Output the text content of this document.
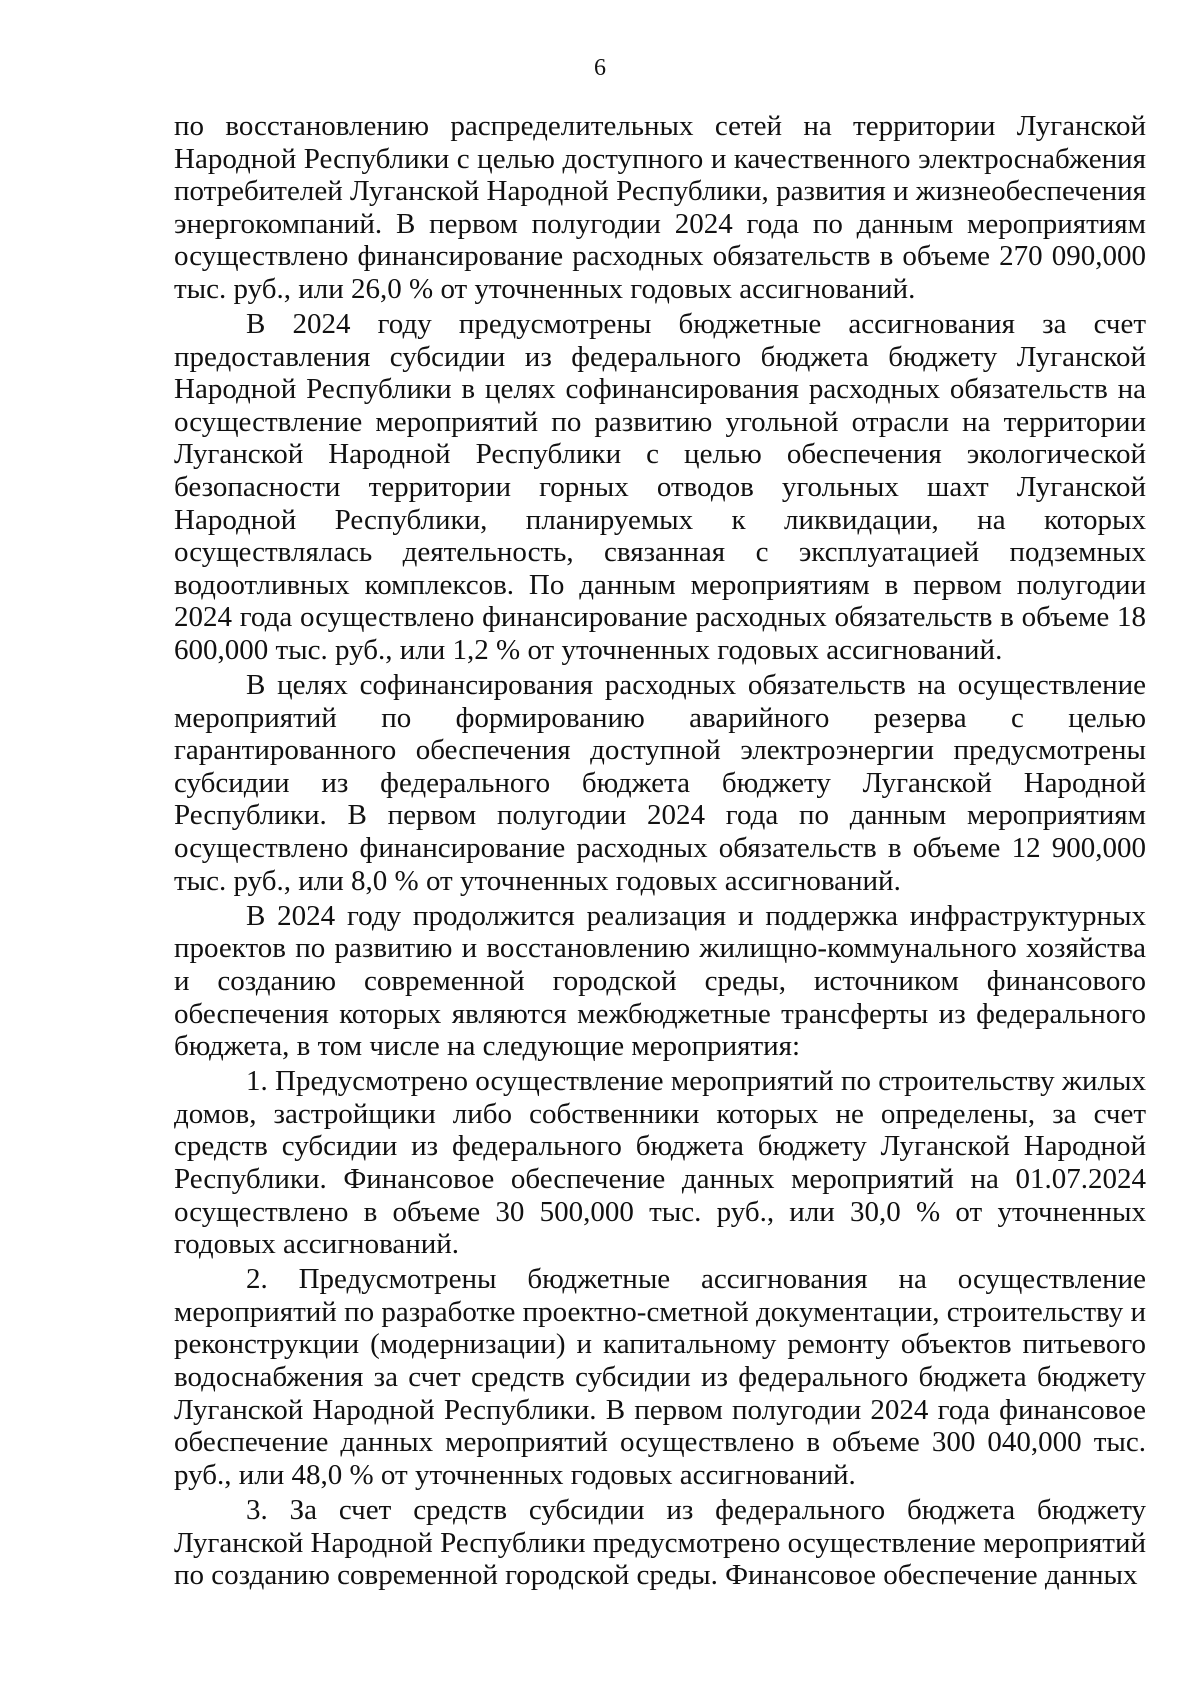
6

по восстановлению распределительных сетей на территории Луганской Народной Республики с целью доступного и качественного электроснабжения потребителей Луганской Народной Республики, развития и жизнеобеспечения энергокомпаний. В первом полугодии 2024 года по данным мероприятиям осуществлено финансирование расходных обязательств в объеме 270 090,000 тыс. руб., или 26,0 % от уточненных годовых ассигнований.

В 2024 году предусмотрены бюджетные ассигнования за счет предоставления субсидии из федерального бюджета бюджету Луганской Народной Республики в целях софинансирования расходных обязательств на осуществление мероприятий по развитию угольной отрасли на территории Луганской Народной Республики с целью обеспечения экологической безопасности территории горных отводов угольных шахт Луганской Народной Республики, планируемых к ликвидации, на которых осуществлялась деятельность, связанная с эксплуатацией подземных водоотливных комплексов. По данным мероприятиям в первом полугодии 2024 года осуществлено финансирование расходных обязательств в объеме 18 600,000 тыс. руб., или 1,2 % от уточненных годовых ассигнований.

В целях софинансирования расходных обязательств на осуществление мероприятий по формированию аварийного резерва с целью гарантированного обеспечения доступной электроэнергии предусмотрены субсидии из федерального бюджета бюджету Луганской Народной Республики. В первом полугодии 2024 года по данным мероприятиям осуществлено финансирование расходных обязательств в объеме 12 900,000 тыс. руб., или 8,0 % от уточненных годовых ассигнований.

В 2024 году продолжится реализация и поддержка инфраструктурных проектов по развитию и восстановлению жилищно-коммунального хозяйства и созданию современной городской среды, источником финансового обеспечения которых являются межбюджетные трансферты из федерального бюджета, в том числе на следующие мероприятия:

1. Предусмотрено осуществление мероприятий по строительству жилых домов, застройщики либо собственники которых не определены, за счет средств субсидии из федерального бюджета бюджету Луганской Народной Республики. Финансовое обеспечение данных мероприятий на 01.07.2024 осуществлено в объеме 30 500,000 тыс. руб., или 30,0 % от уточненных годовых ассигнований.

2. Предусмотрены бюджетные ассигнования на осуществление мероприятий по разработке проектно-сметной документации, строительству и реконструкции (модернизации) и капитальному ремонту объектов питьевого водоснабжения за счет средств субсидии из федерального бюджета бюджету Луганской Народной Республики. В первом полугодии 2024 года финансовое обеспечение данных мероприятий осуществлено в объеме 300 040,000 тыс. руб., или 48,0 % от уточненных годовых ассигнований.

3. За счет средств субсидии из федерального бюджета бюджету Луганской Народной Республики предусмотрено осуществление мероприятий по созданию современной городской среды. Финансовое обеспечение данных
